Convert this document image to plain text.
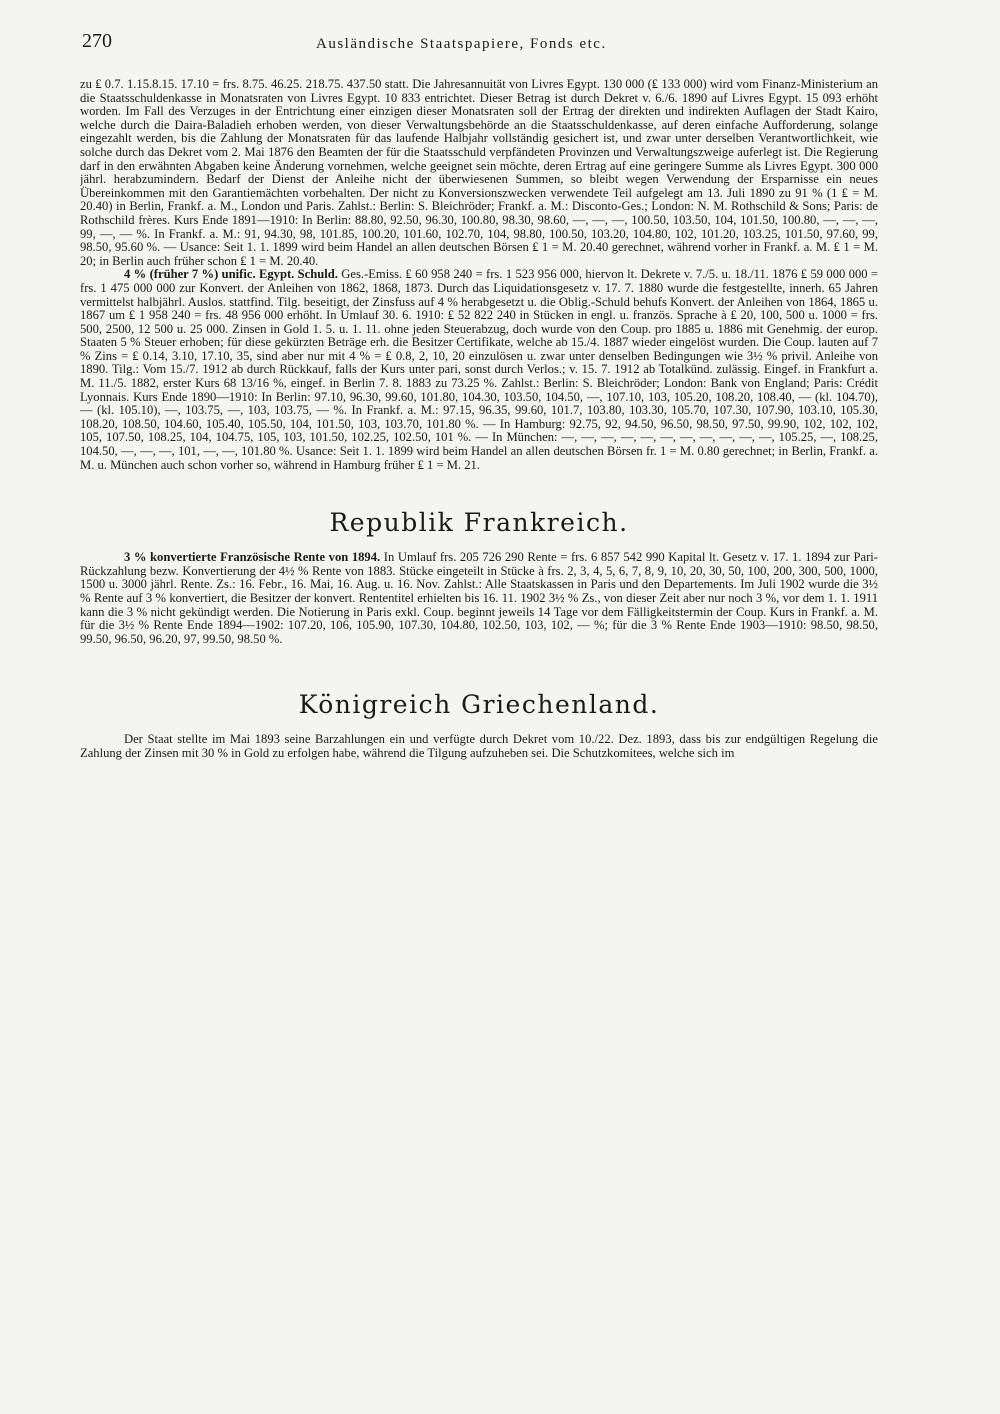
270	Ausländische Staatspapiere, Fonds etc.

zu ₤ 0.7. 1.15.8.15. 17.10 = frs. 8.75. 46.25. 218.75. 437.50 statt. Die Jahresannuität von Livres Egypt. 130 000 (₤ 133 000) wird vom Finanz-Ministerium an die Staatsschuldenkasse in Monatsraten von Livres Egypt. 10 833 entrichtet. Dieser Betrag ist durch Dekret v. 6./6. 1890 auf Livres Egypt. 15 093 erhöht worden. Im Fall des Verzuges in der Entrichtung einer einzigen dieser Monatsraten soll der Ertrag der direkten und indirekten Auflagen der Stadt Kairo, welche durch die Daira-Baladieh erhoben werden, von dieser Verwaltungsbehörde an die Staatsschuldenkasse, auf deren einfache Aufforderung, solange eingezahlt werden, bis die Zahlung der Monatsraten für das laufende Halbjahr vollständig gesichert ist, und zwar unter derselben Verantwortlichkeit, wie solche durch das Dekret vom 2. Mai 1876 den Beamten der für die Staatsschuld verpfändeten Provinzen und Verwaltungszweige auferlegt ist. Die Regierung darf in den erwähnten Abgaben keine Änderung vornehmen, welche geeignet sein möchte, deren Ertrag auf eine geringere Summe als Livres Egypt. 300 000 jährl. herabzumindern. Bedarf der Dienst der Anleihe nicht der überwiesenen Summen, so bleibt wegen Verwendung der Ersparnisse ein neues Übereinkommen mit den Garantiemächten vorbehalten. Der nicht zu Konversionszwecken verwendete Teil aufgelegt am 13. Juli 1890 zu 91 % (1 ₤ = M. 20.40) in Berlin, Frankf. a. M., London und Paris. Zahlst.: Berlin: S. Bleichröder; Frankf. a. M.: Disconto-Ges.; London: N. M. Rothschild & Sons; Paris: de Rothschild frères. Kurs Ende 1891—1910: In Berlin: 88.80, 92.50, 96.30, 100.80, 98.30, 98.60, —, —, —, 100.50, 103.50, 104, 101.50, 100.80, —, —, —, 99, —, — %. In Frankf. a. M.: 91, 94.30, 98, 101.85, 100.20, 101.60, 102.70, 104, 98.80, 100.50, 103.20, 104.80, 102, 101.20, 103.25, 101.50, 97.60, 99, 98.50, 95.60 %. — Usance: Seit 1. 1. 1899 wird beim Handel an allen deutschen Börsen ₤ 1 = M. 20.40 gerechnet, während vorher in Frankf. a. M. ₤ 1 = M. 20; in Berlin auch früher schon ₤ 1 = M. 20.40.

4 % (früher 7 %) unific. Egypt. Schuld. Ges.-Emiss. ₤ 60 958 240 = frs. 1 523 956 000, hiervon lt. Dekrete v. 7./5. u. 18./11. 1876 ₤ 59 000 000 = frs. 1 475 000 000 zur Konvert. der Anleihen von 1862, 1868, 1873. Durch das Liquidationsgesetz v. 17. 7. 1880 wurde die festgestellte, innerh. 65 Jahren vermittelst halbjährl. Auslos. stattfind. Tilg. beseitigt, der Zinsfuss auf 4 % herabgesetzt u. die Oblig.-Schuld behufs Konvert. der Anleihen von 1864, 1865 u. 1867 um ₤ 1 958 240 = frs. 48 956 000 erhöht. In Umlauf 30. 6. 1910: ₤ 52 822 240 in Stücken in engl. u. französ. Sprache à ₤ 20, 100, 500 u. 1000 = frs. 500, 2500, 12 500 u. 25 000. Zinsen in Gold 1. 5. u. 1. 11. ohne jeden Steuerabzug, doch wurde von den Coup. pro 1885 u. 1886 mit Genehmig. der europ. Staaten 5 % Steuer erhoben; für diese gekürzten Beträge erh. die Besitzer Certifikate, welche ab 15./4. 1887 wieder eingelöst wurden. Die Coup. lauten auf 7 % Zins = ₤ 0.14, 3.10, 17.10, 35, sind aber nur mit 4 % = ₤ 0.8, 2, 10, 20 einzulösen u. zwar unter denselben Bedingungen wie 3½ % privil. Anleihe von 1890. Tilg.: Vom 15./7. 1912 ab durch Rückkauf, falls der Kurs unter pari, sonst durch Verlos.; v. 15. 7. 1912 ab Totalkünd. zulässig. Eingef. in Frankfurt a. M. 11./5. 1882, erster Kurs 68 13/16 %, eingef. in Berlin 7. 8. 1883 zu 73.25 %. Zahlst.: Berlin: S. Bleichröder; London: Bank von England; Paris: Crédit Lyonnais. Kurs Ende 1890—1910: In Berlin: 97.10, 96.30, 99.60, 101.80, 104.30, 103.50, 104.50, —, 107.10, 103, 105.20, 108.20, 108.40, — (kl. 104.70), — (kl. 105.10), —, 103.75, —, 103, 103.75, — %. In Frankf. a. M.: 97.15, 96.35, 99.60, 101.7, 103.80, 103.30, 105.70, 107.30, 107.90, 103.10, 105.30, 108.20, 108.50, 104.60, 105.40, 105.50, 104, 101.50, 103, 103.70, 101.80 %. — In Hamburg: 92.75, 92, 94.50, 96.50, 98.50, 97.50, 99.90, 102, 102, 102, 105, 107.50, 108.25, 104, 104.75, 105, 103, 101.50, 102.25, 102.50, 101 %. — In München: —, —, —, —, —, —, —, —, —, —, —, 105.25, —, 108.25, 104.50, —, —, —, 101, —, —, 101.80 %. Usance: Seit 1. 1. 1899 wird beim Handel an allen deutschen Börsen fr. 1 = M. 0.80 gerechnet; in Berlin, Frankf. a. M. u. München auch schon vorher so, während in Hamburg früher ₤ 1 = M. 21.

Republik Frankreich.

3 % konvertierte Französische Rente von 1894. In Umlauf frs. 205 726 290 Rente = frs. 6 857 542 990 Kapital lt. Gesetz v. 17. 1. 1894 zur Pari-Rückzahlung bezw. Konvertierung der 4½ % Rente von 1883. Stücke eingeteilt in Stücke à frs. 2, 3, 4, 5, 6, 7, 8, 9, 10, 20, 30, 50, 100, 200, 300, 500, 1000, 1500 u. 3000 jährl. Rente. Zs.: 16. Febr., 16. Mai, 16. Aug. u. 16. Nov. Zahlst.: Alle Staatskassen in Paris und den Departements. Im Juli 1902 wurde die 3½ % Rente auf 3 % konvertiert, die Besitzer der konvert. Rententitel erhielten bis 16. 11. 1902 3½ % Zs., von dieser Zeit aber nur noch 3 %, vor dem 1. 1. 1911 kann die 3 % nicht gekündigt werden. Die Notierung in Paris exkl. Coup. beginnt jeweils 14 Tage vor dem Fälligkeitstermin der Coup. Kurs in Frankf. a. M. für die 3½ % Rente Ende 1894—1902: 107.20, 106, 105.90, 107.30, 104.80, 102.50, 103, 102, — %; für die 3 % Rente Ende 1903—1910: 98.50, 98.50, 99.50, 96.50, 96.20, 97, 99.50, 98.50 %.

Königreich Griechenland.

Der Staat stellte im Mai 1893 seine Barzahlungen ein und verfügte durch Dekret vom 10./22. Dez. 1893, dass bis zur endgültigen Regelung die Zahlung der Zinsen mit 30 % in Gold zu erfolgen habe, während die Tilgung aufzuheben sei. Die Schutzkomitees, welche sich im
